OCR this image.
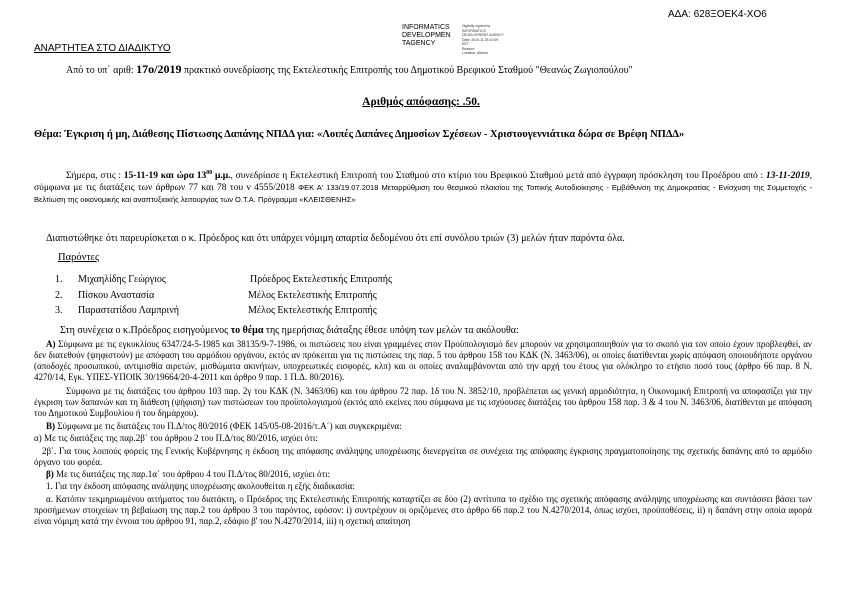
ΑΔΑ: 628ΞΟΕΚ4-ΧΟ6
INFORMATICS
DEVELOPMEN
TAGENCY
Digitally signed by
INFORMATICS
DEVELOPMENT AGENCY
Date: 2019.11.26 10:00
EET
Reason:
Location: Athens
ΑΝΑΡΤΗΤΕΑ ΣΤΟ ΔΙΑΔΙΚΤΥΟ
Από το υπ΄ αριθ: 17ο/2019 πρακτικό συνεδρίασης της Εκτελεστικής Επιτροπής του Δημοτικού Βρεφικού Σταθμού "Θεανώς Ζωγιοπούλου"
Αριθμός απόφασης: .50.
Θέμα: Έγκριση ή μη, Διάθεσης Πίστωσης Δαπάνης ΝΠΔΔ για: «Λοιπές Δαπάνες Δημοσίων Σχέσεων - Χριστουγεννιάτικα δώρα σε Βρέφη ΝΠΔΔ»
Σήμερα, στις : 15-11-19 και ώρα $13^{00}$ μ.μ., συνεδρίασε η Εκτελεστική Επιτροπή του Σταθμού στο κτίριο του Βρεφικού Σταθμού μετά από έγγραφη πρόσκληση του Προέδρου από : 13-11-2019, σύμφωνα με τις διατάξεις των άρθρων 77 και 78 του ν 4555/2018 ΦΕΚ Α' 133/19.07.2018 Μεταρρύθμιση του θεσμικού πλαισίου της Τοπικής Αυτοδιοίκησης - Εμβάθυνση της Δημοκρατίας - Ενίσχυση της Συμμετοχής - Βελτίωση της οικονομικής και αναπτυξιακής λειτουργίας των Ο.Τ.Α. Πρόγραμμα «ΚΛΕΙΣΘΕΝΗΣ»
Διαπιστώθηκε ότι παρευρίσκεται ο κ. Πρόεδρος και ότι υπάρχει νόμιμη απαρτία δεδομένου ότι επί συνόλου τριών (3) μελών ήταν παρόντα όλα.
Παρόντες
1. Μιχαηλίδης Γεώργιος	Πρόεδρος Εκτελεστικής Επιτροπής
2. Πίσκου Αναστασία	Μέλος Εκτελεστικής Επιτροπής
3. Παραστατίδου Λαμπρινή	Μέλος Εκτελεστικής Επιτροπής
Στη συνέχεια ο κ.Πρόεδρος εισηγούμενος το θέμα της ημερήσιας διάταξης έθεσε υπόψη των μελών τα ακόλουθα:
Α) Σύμφωνα με τις εγκυκλίους 6347/24-5-1985 και 38135/9-7-1986, οι πιστώσεις που είναι γραμμένες στον Προϋπολογισμό δεν μπορούν να χρησιμοποιηθούν για το σκοπό για τον οποίο έχουν προβλεφθεί, αν δεν διατεθούν (ψηφιστούν) με απόφαση του αρμόδιου οργάνου, εκτός αν πρόκειται για τις πιστώσεις της παρ. 5 του άρθρου 158 του ΚΔΚ (Ν. 3463/06), οι οποίες διατίθενται χωρίς απόφαση οποιουδήποτε οργάνου (αποδοχές προσωπικού, αντιμισθία αιρετών, μισθώματα ακινήτων, υποχρεωτικές εισφορές, κλπ) και οι οποίες αναλαμβάνονται από την αρχή του έτους για ολόκληρο το ετήσιο ποσό τους (άρθρο 66 παρ. 8 Ν. 4270/14, Εγκ. ΥΠΕΣ-ΥΠΟΙΚ 30/19664/20-4-2011 και άρθρο 9 παρ. 1 Π.Δ. 80/2016).
Σύμφωνα με τις διατάξεις του άρθρου 103 παρ. 2γ του ΚΔΚ (Ν. 3463/06) και του άρθρου 72 παρ. 1δ του Ν. 3852/10, προβλέπεται ως γενική αρμοδιότητα, η Οικονομική Επιτροπή να αποφασίζει για την έγκριση των δαπανών και τη διάθεση (ψήφιση) των πιστώσεων του προϋπολογισμού (εκτός από εκείνες που σύμφωνα με τις ισχύουσες διατάξεις του άρθρου 158 παρ. 3 & 4 του Ν. 3463/06, διατίθενται με απόφαση του Δημοτικού Συμβουλίου ή του δημάρχου).
Β) Σύμφωνα με τις διατάξεις του Π.Δ/τος 80/2016 (ΦΕΚ 145/05-08-2016/τ.Α΄) και συγκεκριμένα:
α) Με τις διατάξεις της παρ.2β΄ του άρθρου 2 του Π.Δ/τος 80/2016, ισχύει ότι:
2β΄. Για τους λοιπούς φορείς της Γενικής Κυβέρνησης η έκδοση της απόφασης ανάληψης υποχρέωσης διενεργείται σε συνέχεια της απόφασης έγκρισης πραγματοποίησης της σχετικής δαπάνης από το αρμόδιο όργανο του φορέα.
β) Με τις διατάξεις της παρ.1α΄ του άρθρου 4 του Π.Δ/τος 80/2016, ισχύει ότι:
1. Για την έκδοση απόφασης ανάληψης υποχρέωσης ακολουθείται η εξής διαδικασία:
α. Κατόπιν τεκμηριωμένου αιτήματος του διατάκτη, ο Πρόεδρος της Εκτελεστικής Επιτροπής καταρτίζει σε δύο (2) αντίτυπα το σχέδιο της σχετικής απόφασης ανάληψης υποχρέωσης και συντάσσει βάσει των προσήμενων στοιχείων τη βεβαίωση της παρ.2 του άρθρου 3 του παρόντος, εφόσον: i) συντρέχουν οι οριζόμενες στο άρθρο 66 παρ.2 του Ν.4270/2014, όπως ισχύει, προϋποθέσεις, ii) η δαπάνη στην οποία αφορά είναι νόμιμη κατά την έννοια του άρθρου 91, παρ.2, εδάφιο β' του Ν.4270/2014, iii) η σχετική απαίτηση
